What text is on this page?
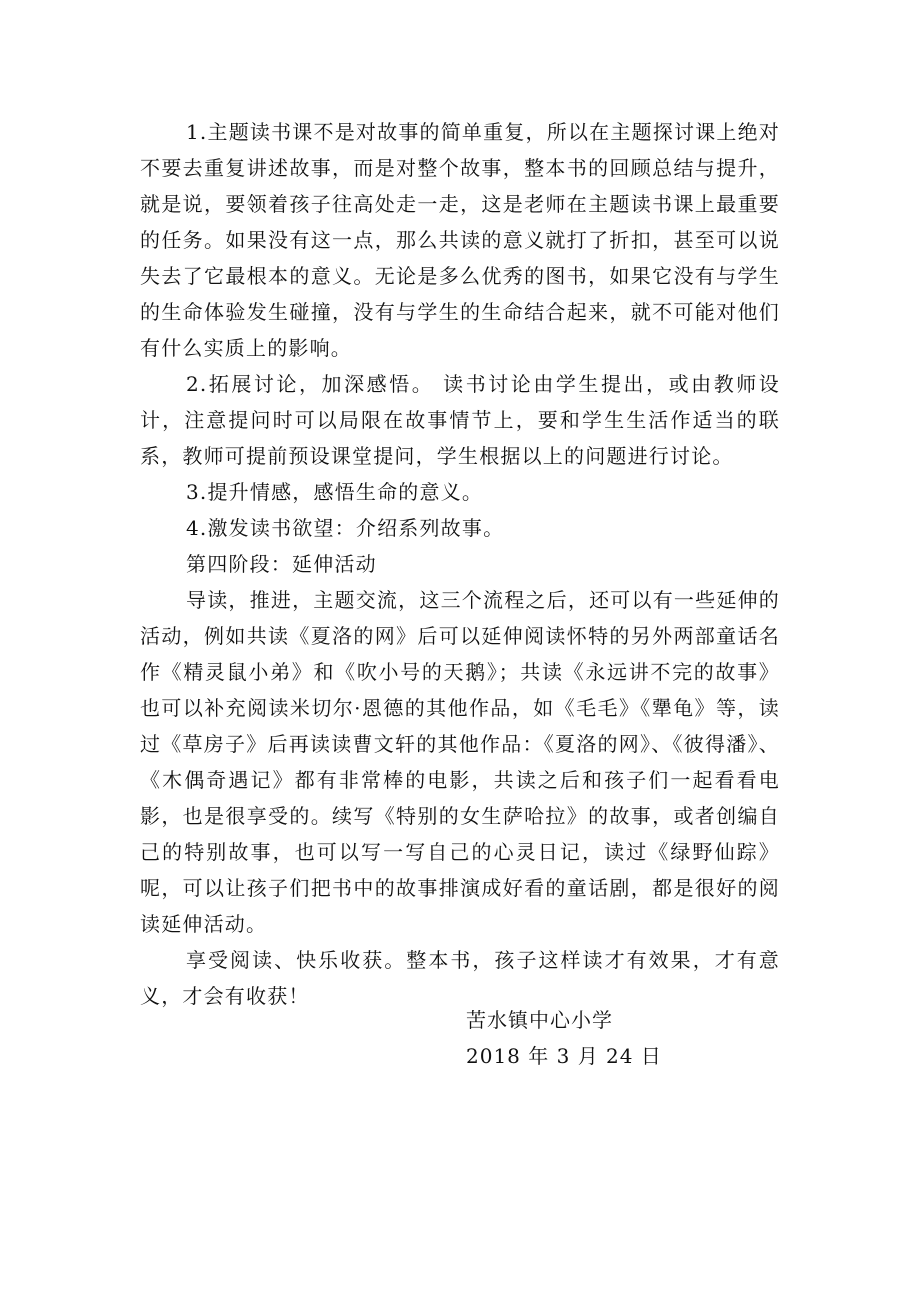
1.主题读书课不是对故事的简单重复，所以在主题探讨课上绝对不要去重复讲述故事，而是对整个故事，整本书的回顾总结与提升，就是说，要领着孩子往高处走一走，这是老师在主题读书课上最重要的任务。如果没有这一点，那么共读的意义就打了折扣，甚至可以说失去了它最根本的意义。无论是多么优秀的图书，如果它没有与学生的生命体验发生碰撞，没有与学生的生命结合起来，就不可能对他们有什么实质上的影响。

2.拓展讨论，加深感悟。 读书讨论由学生提出，或由教师设计，注意提问时可以局限在故事情节上，要和学生生活作适当的联系，教师可提前预设课堂提问，学生根据以上的问题进行讨论。

3.提升情感，感悟生命的意义。

4.激发读书欲望：介绍系列故事。

第四阶段：延伸活动

导读，推进，主题交流，这三个流程之后，还可以有一些延伸的活动，例如共读《夏洛的网》后可以延伸阅读怀特的另外两部童话名作《精灵鼠小弟》和《吹小号的天鹅》；共读《永远讲不完的故事》也可以补充阅读米切尔·恩德的其他作品，如《毛毛》《犟龟》等，读过《草房子》后再读读曹文轩的其他作品：《夏洛的网》、《彼得潘》、《木偶奇遇记》都有非常棒的电影，共读之后和孩子们一起看看电影，也是很享受的。续写《特别的女生萨哈拉》的故事，或者创编自己的特别故事，也可以写一写自己的心灵日记，读过《绿野仙踪》呢，可以让孩子们把书中的故事排演成好看的童话剧，都是很好的阅读延伸活动。

享受阅读、快乐收获。整本书，孩子这样读才有效果，才有意义，才会有收获！

苦水镇中心小学
2018 年 3 月 24 日
